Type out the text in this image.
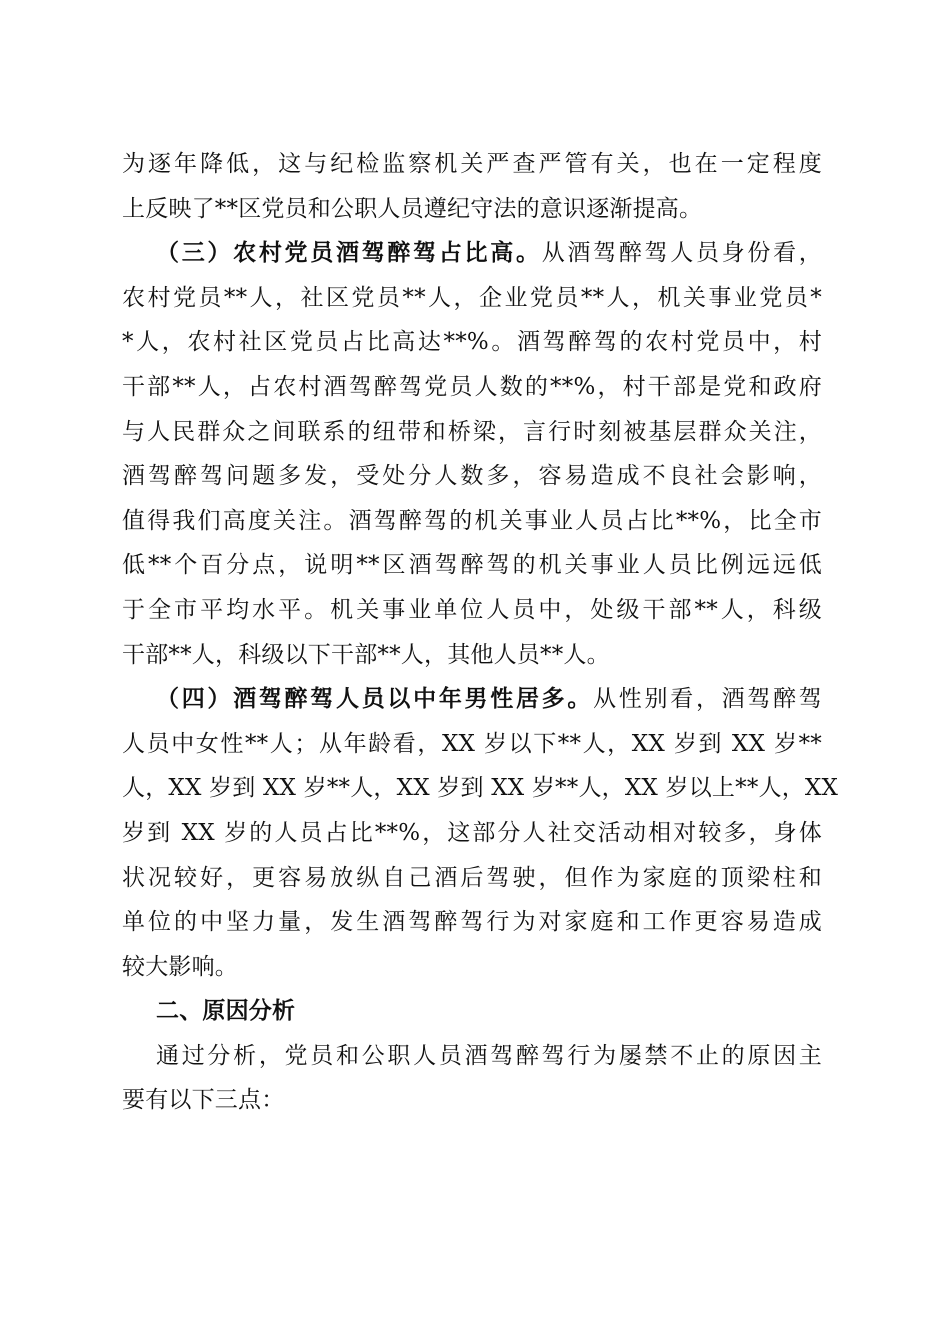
为逐年降低，这与纪检监察机关严查严管有关，也在一定程度
上反映了**区党员和公职人员遵纪守法的意识逐渐提高。
（三）农村党员酒驾醉驾占比高。从酒驾醉驾人员身份看，
农村党员**人，社区党员**人，企业党员**人，机关事业党员*
*人，农村社区党员占比高达**%。酒驾醉驾的农村党员中，村
干部**人，占农村酒驾醉驾党员人数的**%，村干部是党和政府
与人民群众之间联系的纽带和桥梁，言行时刻被基层群众关注，
酒驾醉驾问题多发，受处分人数多，容易造成不良社会影响，
值得我们高度关注。酒驾醉驾的机关事业人员占比**%，比全市
低**个百分点，说明**区酒驾醉驾的机关事业人员比例远远低
于全市平均水平。机关事业单位人员中，处级干部**人，科级
干部**人，科级以下干部**人，其他人员**人。
（四）酒驾醉驾人员以中年男性居多。从性别看，酒驾醉驾
人员中女性**人；从年龄看，XX 岁以下**人，XX 岁到 XX 岁**
人，XX 岁到 XX 岁**人，XX 岁到 XX 岁**人，XX 岁以上**人，XX
岁到 XX 岁的人员占比**%，这部分人社交活动相对较多，身体
状况较好，更容易放纵自己酒后驾驶，但作为家庭的顶梁柱和
单位的中坚力量，发生酒驾醉驾行为对家庭和工作更容易造成
较大影响。
二、原因分析
通过分析，党员和公职人员酒驾醉驾行为屡禁不止的原因主
要有以下三点：
